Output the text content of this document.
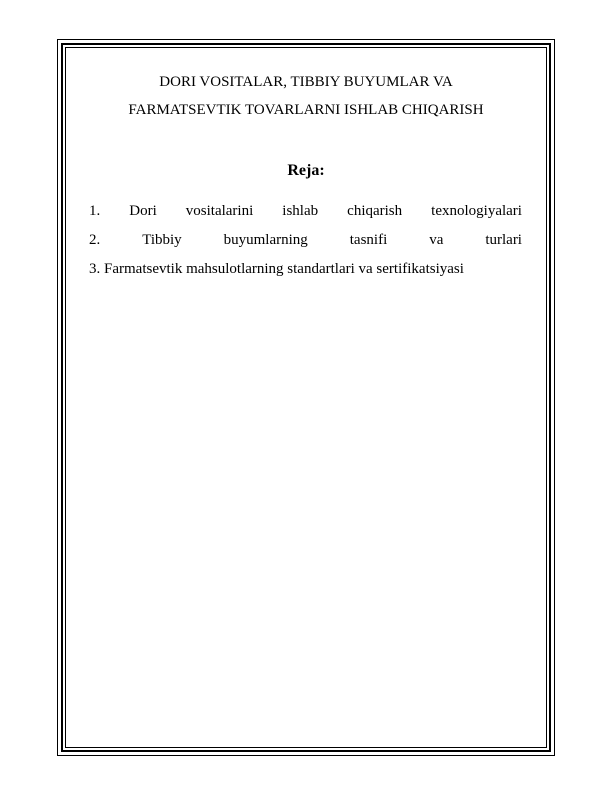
DORI VOSITALAR, TIBBIY BUYUMLAR VA
FARMATSEVTIK TOVARLARNI ISHLAB CHIQARISH
Reja:
1. Dori vositalarini ishlab chiqarish texnologiyalari
2.	Tibbiy	buyumlarning	tasnifi	va	turlari
3. Farmatsevtik mahsulotlarning standartlari va sertifikatsiyasi
